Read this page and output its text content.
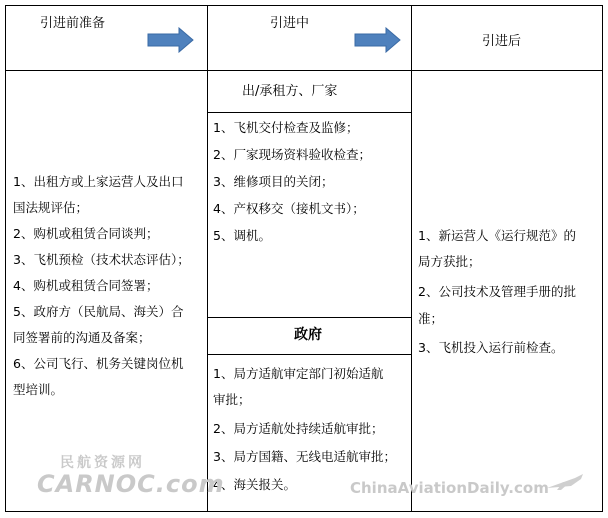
引进前准备	引进中
引进后
1、出租方或上家运营人及出口
国法规评估；
2、购机或租赁合同谈判；
3、飞机预检（技术状态评估）；
4、购机或租赁合同签署；
5、政府方（民航局、海关）合
同签署前的沟通及备案；
6、公司飞行、机务关键岗位机
型培训。
出/承租方、厂家
1、飞机交付检查及监修；
2、厂家现场资料验收检查；
3、维修项目的关闭；
4、产权移交（接机文书）；
5、调机。
政府
1、局方适航审定部门初始适航
审批；
2、局方适航处持续适航审批；
3、局方国籍、无线电适航审批；
4、海关报关。
1、新运营人《运行规范》的
局方获批；
2、公司技术及管理手册的批
准；
3、飞机投入运行前检查。
民航资源网
CARNOC.com	ChinaAviationDaily.com
